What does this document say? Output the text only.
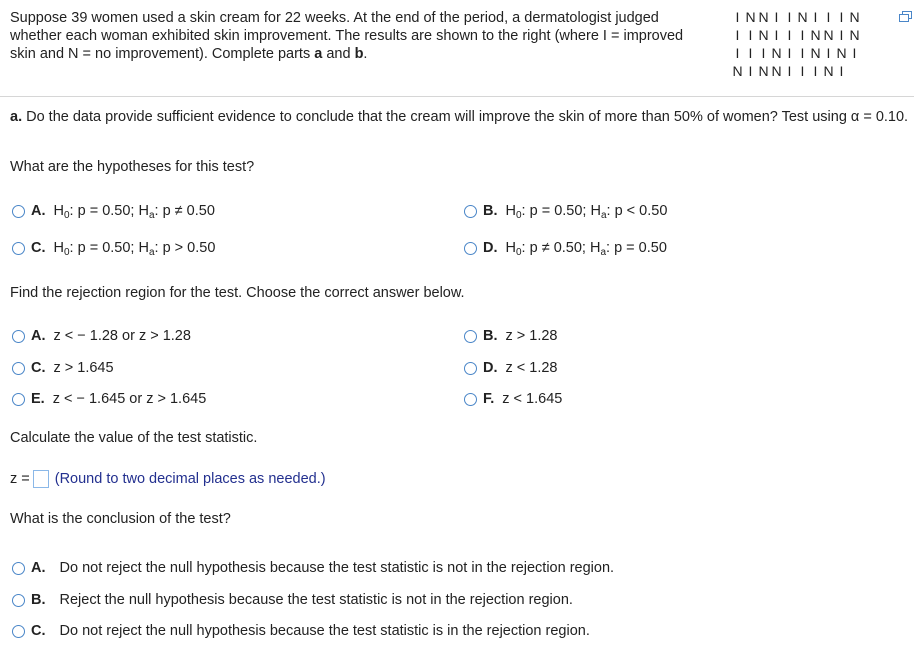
Suppose 39 women used a skin cream for 22 weeks. At the end of the period, a dermatologist judged whether each woman exhibited skin improvement. The results are shown to the right (where I = improved skin and N = no improvement). Complete parts a and b.
I N N I I N I I I N
I I N I I I N N I N
I I I N I I N I N I
N I N N I I I N I
a. Do the data provide sufficient evidence to conclude that the cream will improve the skin of more than 50% of women? Test using α = 0.10.
What are the hypotheses for this test?
A. $H_0$: p = 0.50; $H_a$: p ≠ 0.50	B. $H_0$: p = 0.50; $H_a$: p < 0.50
C. $H_0$: p = 0.50; $H_a$: p > 0.50	D. $H_0$: p ≠ 0.50; $H_a$: p = 0.50
Find the rejection region for the test. Choose the correct answer below.
A. z < − 1.28 or z > 1.28	B. z > 1.28
C. z > 1.645	D. z < 1.28
E. z < − 1.645 or z > 1.645	F. z < 1.645
Calculate the value of the test statistic.
z = (Round to two decimal places as needed.)
What is the conclusion of the test?
A. Do not reject the null hypothesis because the test statistic is not in the rejection region.
B. Reject the null hypothesis because the test statistic is not in the rejection region.
C. Do not reject the null hypothesis because the test statistic is in the rejection region.
